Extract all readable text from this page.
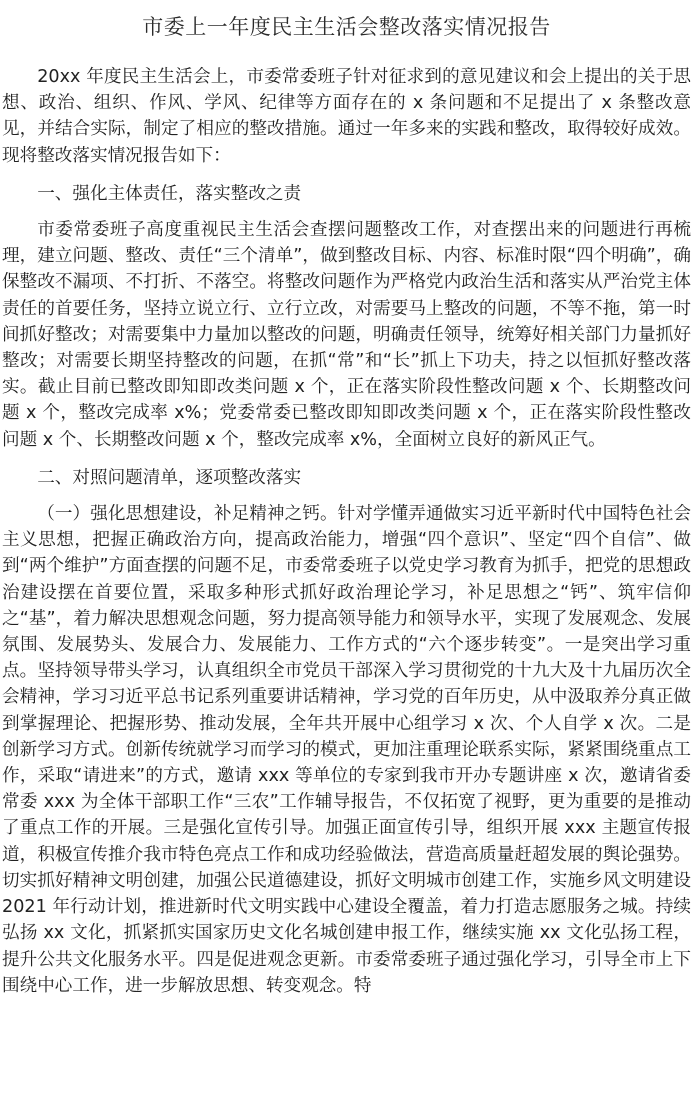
市委上一年度民主生活会整改落实情况报告

20xx 年度民主生活会上，市委常委班子针对征求到的意见建议和会上提出的关于思想、政治、组织、作风、学风、纪律等方面存在的 x 条问题和不足提出了 x 条整改意见，并结合实际，制定了相应的整改措施。通过一年多来的实践和整改，取得较好成效。现将整改落实情况报告如下：

一、强化主体责任，落实整改之责

市委常委班子高度重视民主生活会查摆问题整改工作，对查摆出来的问题进行再梳理，建立问题、整改、责任“三个清单”，做到整改目标、内容、标准时限“四个明确”，确保整改不漏项、不打折、不落空。将整改问题作为严格党内政治生活和落实从严治党主体责任的首要任务，坚持立说立行、立行立改，对需要马上整改的问题，不等不拖，第一时间抓好整改；对需要集中力量加以整改的问题，明确责任领导，统筹好相关部门力量抓好整改；对需要长期坚持整改的问题，在抓“常”和“长”抓上下功夫，持之以恒抓好整改落实。截止目前已整改即知即改类问题 x 个，正在落实阶段性整改问题 x 个、长期整改问题 x 个，整改完成率 x%；党委常委已整改即知即改类问题 x 个，正在落实阶段性整改问题 x 个、长期整改问题 x 个，整改完成率 x%，全面树立良好的新风正气。

二、对照问题清单，逐项整改落实

（一）强化思想建设，补足精神之钙。针对学懂弄通做实习近平新时代中国特色社会主义思想，把握正确政治方向，提高政治能力，增强“四个意识”、坚定“四个自信”、做到“两个维护”方面查摆的问题不足，市委常委班子以党史学习教育为抓手，把党的思想政治建设摆在首要位置，采取多种形式抓好政治理论学习，补足思想之“钙”、筑牢信仰之“基”，着力解决思想观念问题，努力提高领导能力和领导水平，实现了发展观念、发展氛围、发展势头、发展合力、发展能力、工作方式的“六个逐步转变”。一是突出学习重点。坚持领导带头学习，认真组织全市党员干部深入学习贯彻党的十九大及十九届历次全会精神，学习习近平总书记系列重要讲话精神，学习党的百年历史，从中汲取养分真正做到掌握理论、把握形势、推动发展，全年共开展中心组学习 x 次、个人自学 x 次。二是创新学习方式。创新传统就学习而学习的模式，更加注重理论联系实际，紧紧围绕重点工作，采取“请进来”的方式，邀请 xxx 等单位的专家到我市开办专题讲座 x 次，邀请省委常委 xxx 为全体干部职工作“三农”工作辅导报告，不仅拓宽了视野，更为重要的是推动了重点工作的开展。三是强化宣传引导。加强正面宣传引导，组织开展 xxx 主题宣传报道，积极宣传推介我市特色亮点工作和成功经验做法，营造高质量赶超发展的舆论强势。切实抓好精神文明创建，加强公民道德建设，抓好文明城市创建工作，实施乡风文明建设 2021 年行动计划，推进新时代文明实践中心建设全覆盖，着力打造志愿服务之城。持续弘扬 xx 文化，抓紧抓实国家历史文化名城创建申报工作，继续实施 xx 文化弘扬工程，提升公共文化服务水平。四是促进观念更新。市委常委班子通过强化学习，引导全市上下围绕中心工作，进一步解放思想、转变观念。特
